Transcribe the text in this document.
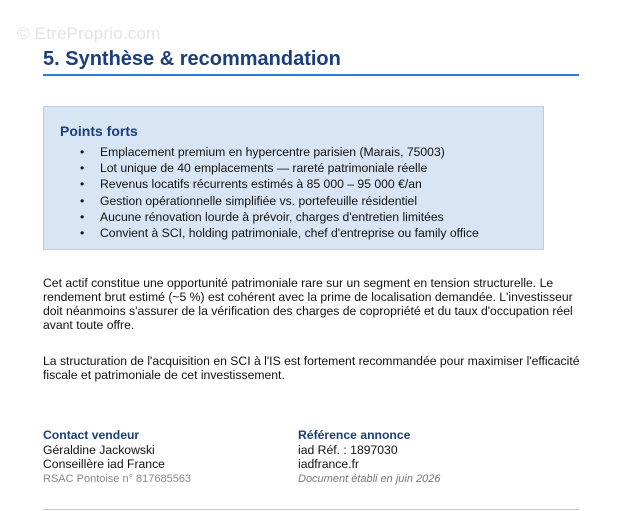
© EtreProprio.com
5. Synthèse & recommandation
Points forts
• Emplacement premium en hypercentre parisien (Marais, 75003)
• Lot unique de 40 emplacements — rareté patrimoniale réelle
• Revenus locatifs récurrents estimés à 85 000 – 95 000 €/an
• Gestion opérationnelle simplifiée vs. portefeuille résidentiel
• Aucune rénovation lourde à prévoir, charges d'entretien limitées
• Convient à SCI, holding patrimoniale, chef d'entreprise ou family office

Cet actif constitue une opportunité patrimoniale rare sur un segment en tension structurelle. Le rendement brut estimé (~5 %) est cohérent avec la prime de localisation demandée. L'investisseur doit néanmoins s'assurer de la vérification des charges de copropriété et du taux d'occupation réel avant toute offre.

La structuration de l'acquisition en SCI à l'IS est fortement recommandée pour maximiser l'efficacité fiscale et patrimoniale de cet investissement.

Contact vendeur
Géraldine Jackowski
Conseillère iad France
RSAC Pontoise n° 817685563
Référence annonce
iad Réf. : 1897030
iadfrance.fr
Document établi en juin 2026
